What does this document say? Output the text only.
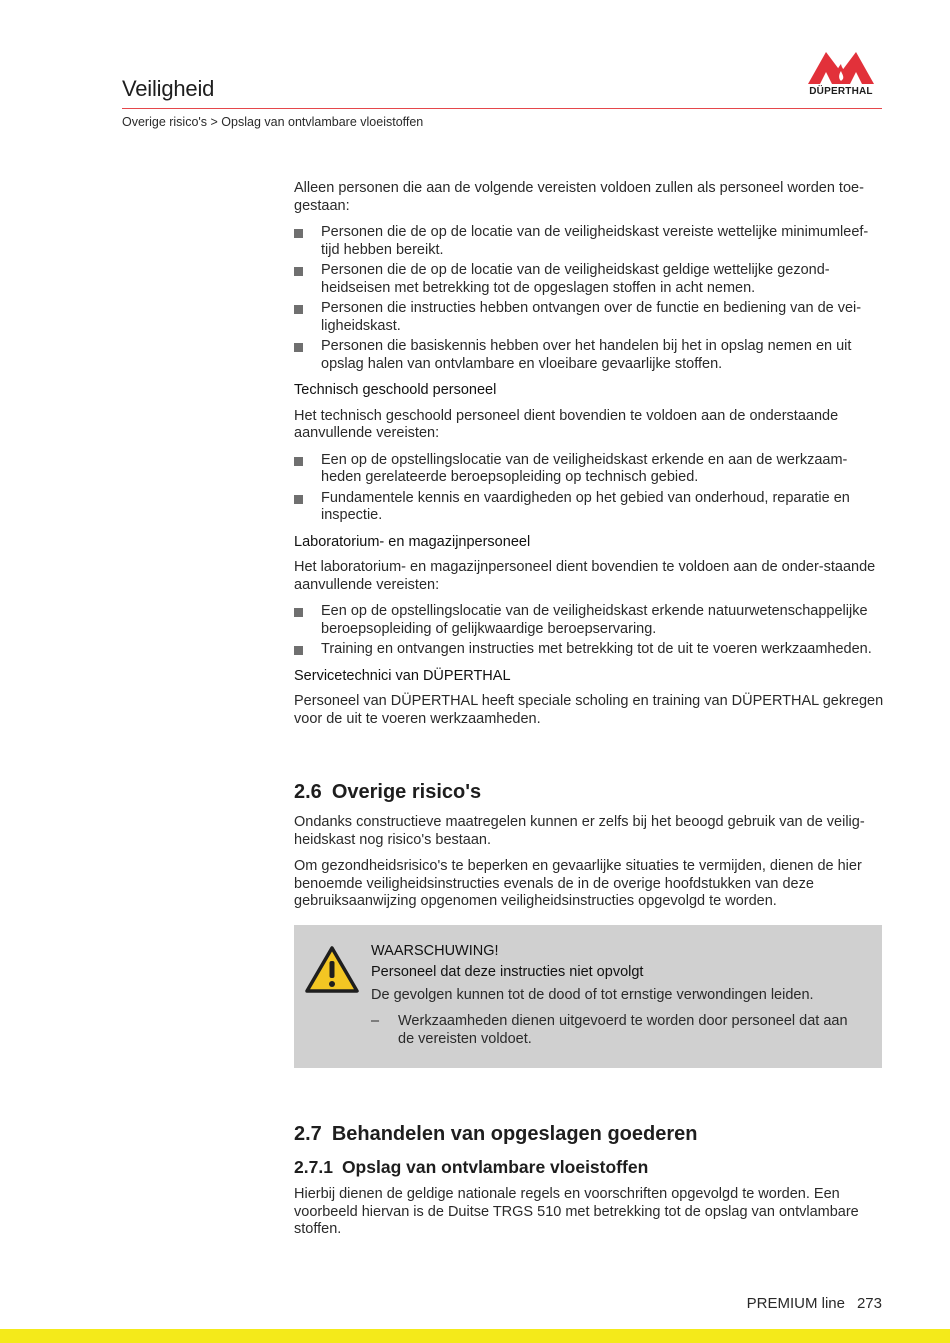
Veiligheid
Overige risico's > Opslag van ontvlambare vloeistoffen
DÜPERTHAL

Alleen personen die aan de volgende vereisten voldoen zullen als personeel worden toe-gestaan:

Personen die de op de locatie van de veiligheidskast vereiste wettelijke minimumleef-tijd hebben bereikt.
Personen die de op de locatie van de veiligheidskast geldige wettelijke gezond-heidseisen met betrekking tot de opgeslagen stoffen in acht nemen.
Personen die instructies hebben ontvangen over de functie en bediening van de vei-ligheidskast.
Personen die basiskennis hebben over het handelen bij het in opslag nemen en uit opslag halen van ontvlambare en vloeibare gevaarlijke stoffen.
Technisch geschoold personeel

Het technisch geschoold personeel dient bovendien te voldoen aan de onderstaande aanvullende vereisten:

Een op de opstellingslocatie van de veiligheidskast erkende en aan de werkzaam-heden gerelateerde beroepsopleiding op technisch gebied.
Fundamentele kennis en vaardigheden op het gebied van onderhoud, reparatie en inspectie.
Laboratorium- en magazijnpersoneel

Het laboratorium- en magazijnpersoneel dient bovendien te voldoen aan de onder-staande aanvullende vereisten:

Een op de opstellingslocatie van de veiligheidskast erkende natuurwetenschappelijke beroepsopleiding of gelijkwaardige beroepservaring.
Training en ontvangen instructies met betrekking tot de uit te voeren werkzaamheden.
Servicetechnici van DÜPERTHAL

Personeel van DÜPERTHAL heeft speciale scholing en training van DÜPERTHAL gekregen voor de uit te voeren werkzaamheden.

2.6 Overige risico's

Ondanks constructieve maatregelen kunnen er zelfs bij het beoogd gebruik van de veilig-heidskast nog risico's bestaan.

Om gezondheidsrisico's te beperken en gevaarlijke situaties te vermijden, dienen de hier benoemde veiligheidsinstructies evenals de in de overige hoofdstukken van deze gebruiksaanwijzing opgenomen veiligheidsinstructies opgevolgd te worden.

WAARSCHUWING!
Personeel dat deze instructies niet opvolgt
De gevolgen kunnen tot de dood of tot ernstige verwondingen leiden.
– Werkzaamheden dienen uitgevoerd te worden door personeel dat aan de vereisten voldoet.
2.7 Behandelen van opgeslagen goederen
2.7.1 Opslag van ontvlambare vloeistoffen

Hierbij dienen de geldige nationale regels en voorschriften opgevolgd te worden. Een voorbeeld hiervan is de Duitse TRGS 510 met betrekking tot de opslag van ontvlambare stoffen.

PREMIUM line 273
